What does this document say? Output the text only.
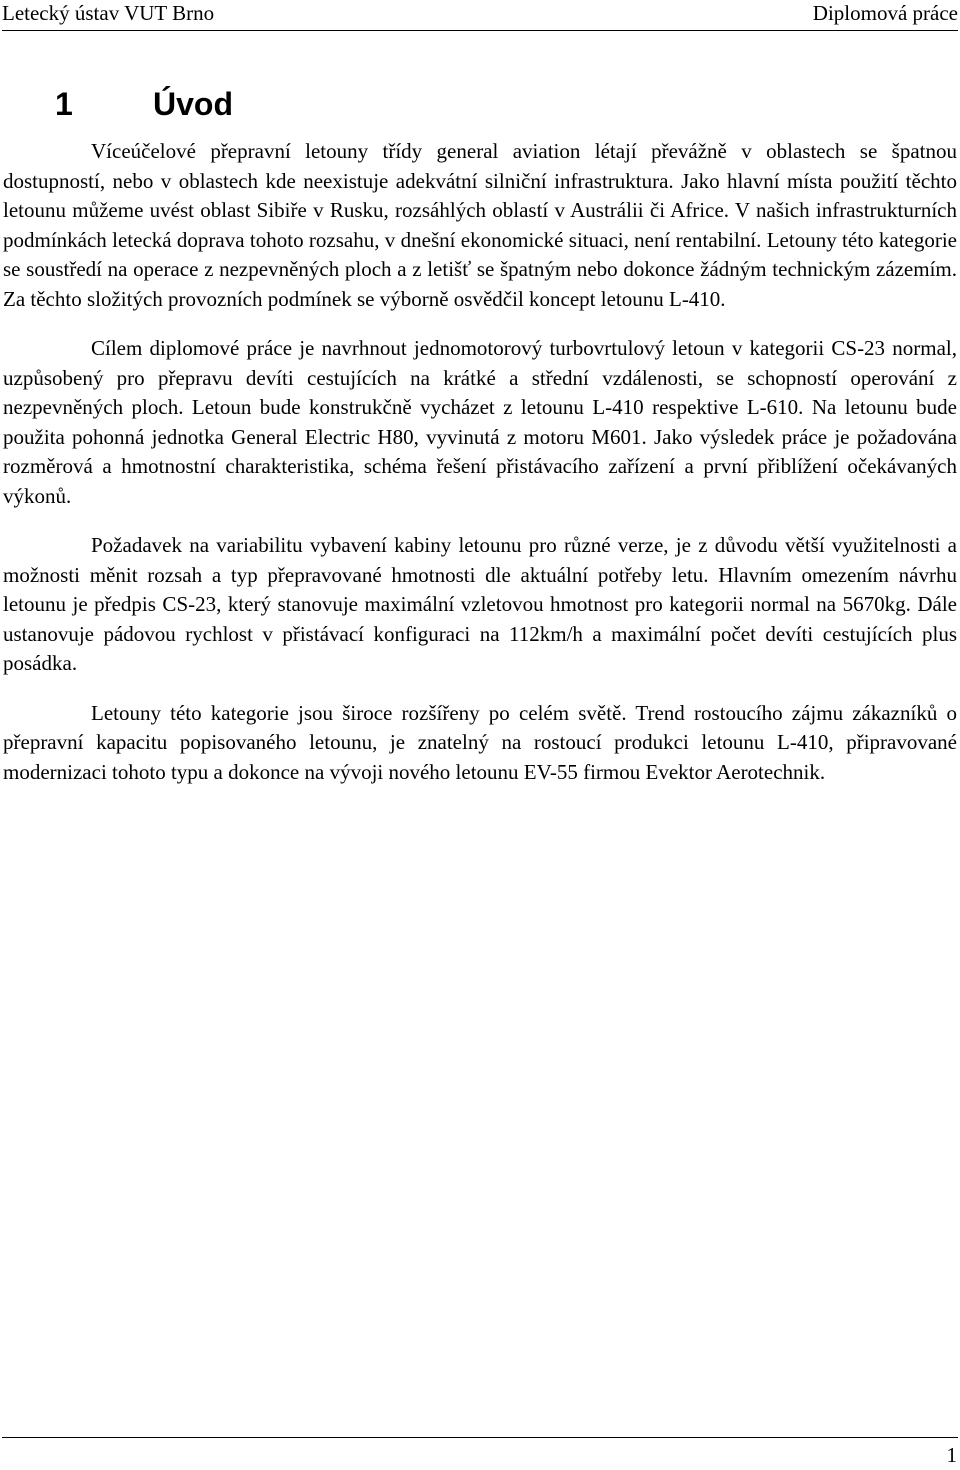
Letecký ústav VUT Brno	Diplomová práce
1	Úvod

Víceúčelové přepravní letouny třídy general aviation létají převážně v oblastech se špatnou dostupností, nebo v oblastech kde neexistuje adekvátní silniční infrastruktura. Jako hlavní místa použití těchto letounu můžeme uvést oblast Sibiře v Rusku, rozsáhlých oblastí v Austrálii či Africe. V našich infrastrukturních podmínkách letecká doprava tohoto rozsahu, v dnešní ekonomické situaci, není rentabilní. Letouny této kategorie se soustředí na operace z nezpevněných ploch a z letišť se špatným nebo dokonce žádným technickým zázemím. Za těchto složitých provozních podmínek se výborně osvědčil koncept letounu L-410.

Cílem diplomové práce je navrhnout jednomotorový turbovrtulový letoun v kategorii CS-23 normal, uzpůsobený pro přepravu devíti cestujících na krátké a střední vzdálenosti, se schopností operování z nezpevněných ploch. Letoun bude konstrukčně vycházet z letounu L-410 respektive L-610. Na letounu bude použita pohonná jednotka General Electric H80, vyvinutá z motoru M601. Jako výsledek práce je požadována rozměrová a hmotnostní charakteristika, schéma řešení přistávacího zařízení a první přiblížení očekávaných výkonů.

Požadavek na variabilitu vybavení kabiny letounu pro různé verze, je z důvodu větší využitelnosti a možnosti měnit rozsah a typ přepravované hmotnosti dle aktuální potřeby letu. Hlavním omezením návrhu letounu je předpis CS-23, který stanovuje maximální vzletovou hmotnost pro kategorii normal na 5670kg. Dále ustanovuje pádovou rychlost v přistávací konfiguraci na 112km/h a maximální počet devíti cestujících plus posádka.

Letouny této kategorie jsou široce rozšířeny po celém světě. Trend rostoucího zájmu zákazníků o přepravní kapacitu popisovaného letounu, je znatelný na rostoucí produkci letounu L-410, připravované modernizaci tohoto typu a dokonce na vývoji nového letounu EV-55 firmou Evektor Aerotechnik.

1
